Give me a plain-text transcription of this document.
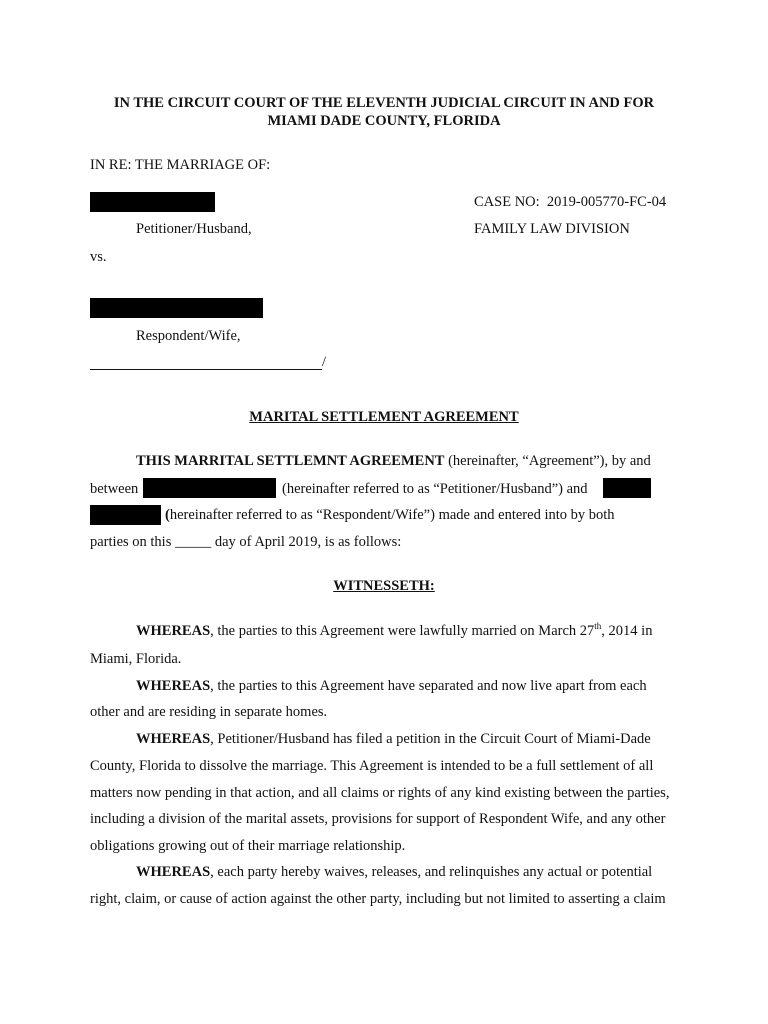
IN THE CIRCUIT COURT OF THE ELEVENTH JUDICIAL CIRCUIT IN AND FOR
MIAMI DADE COUNTY, FLORIDA
IN RE: THE MARRIAGE OF:
Petitioner/Husband,
vs.
Respondent/Wife,
/
CASE NO: 2019-005770-FC-04
FAMILY LAW DIVISION
MARITAL SETTLEMENT AGREEMENT
THIS MARRITAL SETTLEMNT AGREEMENT (hereinafter, “Agreement”), by and
between	(hereinafter referred to as “Petitioner/Husband”) and
(hereinafter referred to as “Respondent/Wife”) made and entered into by both
parties on this _____ day of April 2019, is as follows:
WITNESSETH:
WHEREAS, the parties to this Agreement were lawfully married on March 27th, 2014 in
Miami, Florida.
WHEREAS, the parties to this Agreement have separated and now live apart from each
other and are residing in separate homes.
WHEREAS, Petitioner/Husband has filed a petition in the Circuit Court of Miami-Dade
County, Florida to dissolve the marriage. This Agreement is intended to be a full settlement of all
matters now pending in that action, and all claims or rights of any kind existing between the parties,
including a division of the marital assets, provisions for support of Respondent Wife, and any other
obligations growing out of their marriage relationship.
WHEREAS, each party hereby waives, releases, and relinquishes any actual or potential
right, claim, or cause of action against the other party, including but not limited to asserting a claim
